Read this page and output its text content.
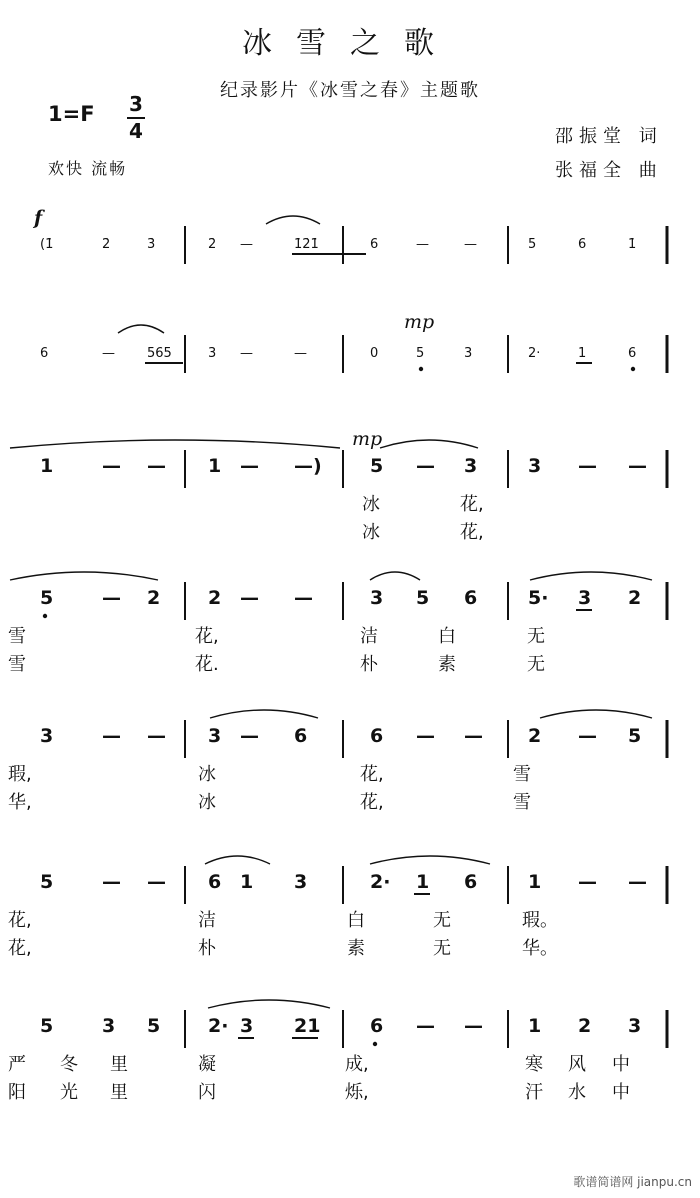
冰雪之歌
纪录影片《冰雪之春》主题歌
1=F 3
4
欢快 流畅
邵振堂 词
张福全 曲
f
mp
mp
(1̇	2̇	3̇	2̇ —	1̇2̇1̇	6	—	—	5	6	1̇
6	— 565	3 —	—	0	5	3	2·	1	6
1	— — 1 — —)	5 — 3	3 — —
冰	花,
冰	花,
5	— 2	2 — —	3 5 6	5· 3 2
雪	花,	洁	白	无
雪	花.	朴	素	无
3	— — 3 — 6	6 — — 2 — 5
瑕,	冰	花,	雪
华,	冰	花,	雪
5	— — 6 1 3	2· 1 6	1 — —
花,	洁	白	无	瑕。
花,	朴	素	无	华。
5	3 5	2· 3 21	6 — — 1 2 3
严 冬 里	凝	成,	寒 风 中
阳 光 里	闪	烁,	汗 水 中
歌谱简谱网 jianpu.cn
